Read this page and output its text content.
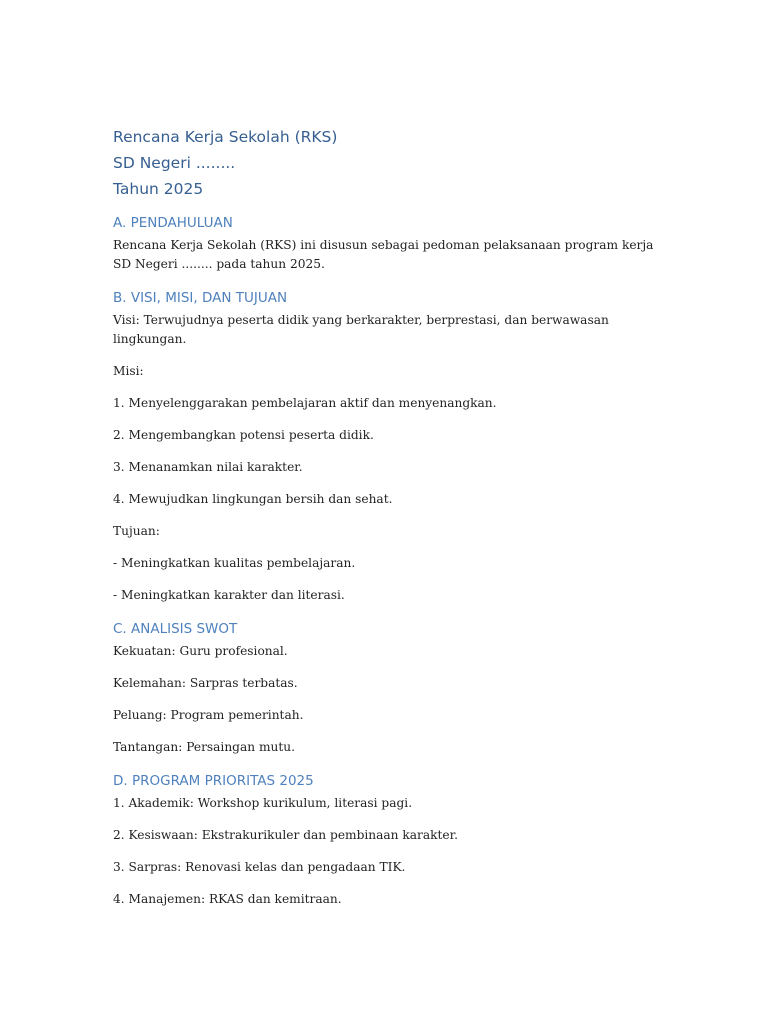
Rencana Kerja Sekolah (RKS)

SD Negeri ........

Tahun 2025

A. PENDAHULUAN

Rencana Kerja Sekolah (RKS) ini disusun sebagai pedoman pelaksanaan program kerja SD Negeri ........ pada tahun 2025.

B. VISI, MISI, DAN TUJUAN

Visi: Terwujudnya peserta didik yang berkarakter, berprestasi, dan berwawasan lingkungan.

Misi:

1. Menyelenggarakan pembelajaran aktif dan menyenangkan.

2. Mengembangkan potensi peserta didik.

3. Menanamkan nilai karakter.

4. Mewujudkan lingkungan bersih dan sehat.

Tujuan:

- Meningkatkan kualitas pembelajaran.

- Meningkatkan karakter dan literasi.

C. ANALISIS SWOT

Kekuatan: Guru profesional.

Kelemahan: Sarpras terbatas.

Peluang: Program pemerintah.

Tantangan: Persaingan mutu.

D. PROGRAM PRIORITAS 2025

1. Akademik: Workshop kurikulum, literasi pagi.

2. Kesiswaan: Ekstrakurikuler dan pembinaan karakter.

3. Sarpras: Renovasi kelas dan pengadaan TIK.

4. Manajemen: RKAS dan kemitraan.
